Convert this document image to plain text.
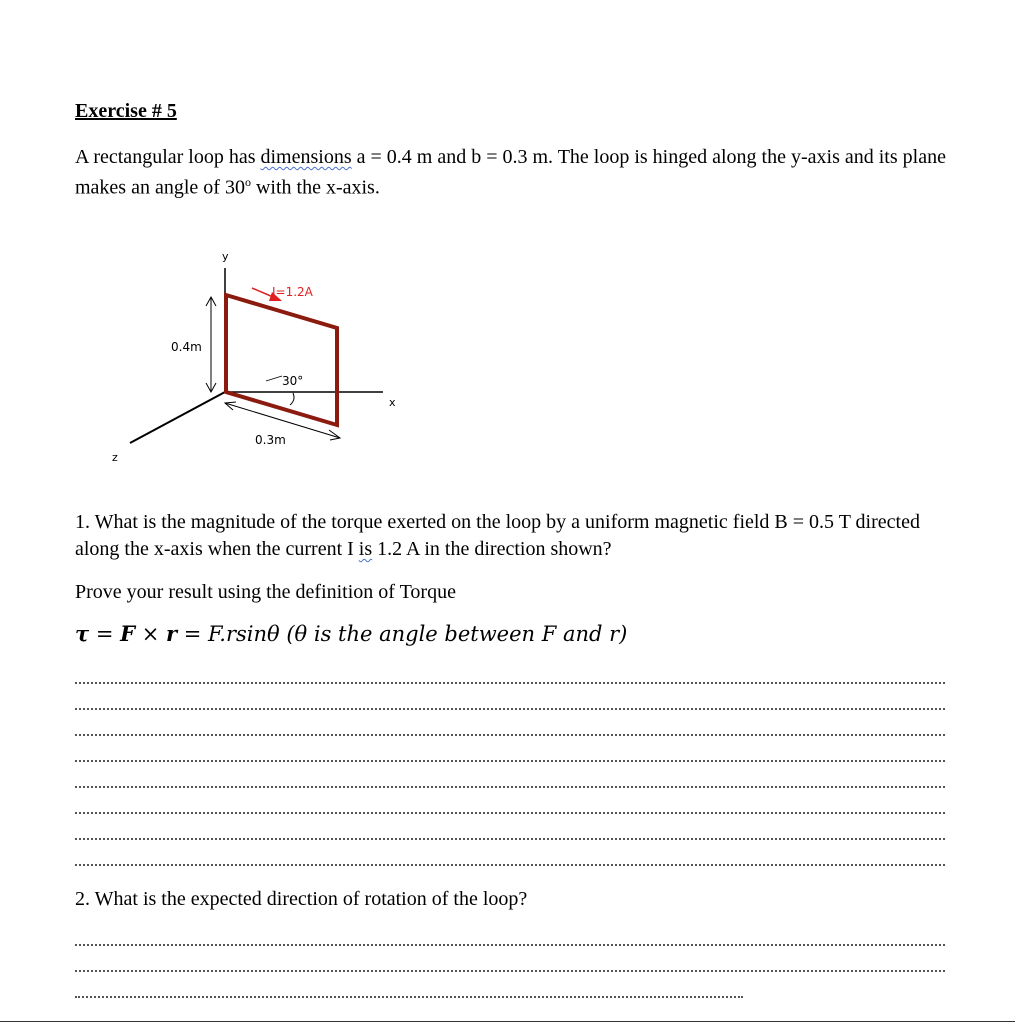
Exercise # 5
A rectangular loop has dimensions a = 0.4 m and b = 0.3 m. The loop is hinged along the y-axis and its plane makes an angle of 30$^o$ with the x-axis.
y
x
z
0.4m
I=1.2A
30°
0.3m
1. What is the magnitude of the torque exerted on the loop by a uniform magnetic field B = 0.5 T directed along the x-axis when the current I is 1.2 A in the direction shown?
Prove your result using the definition of Torque
τ = F × r = F.rsinθ (θ is the angle between F and r)
2. What is the expected direction of rotation of the loop?
